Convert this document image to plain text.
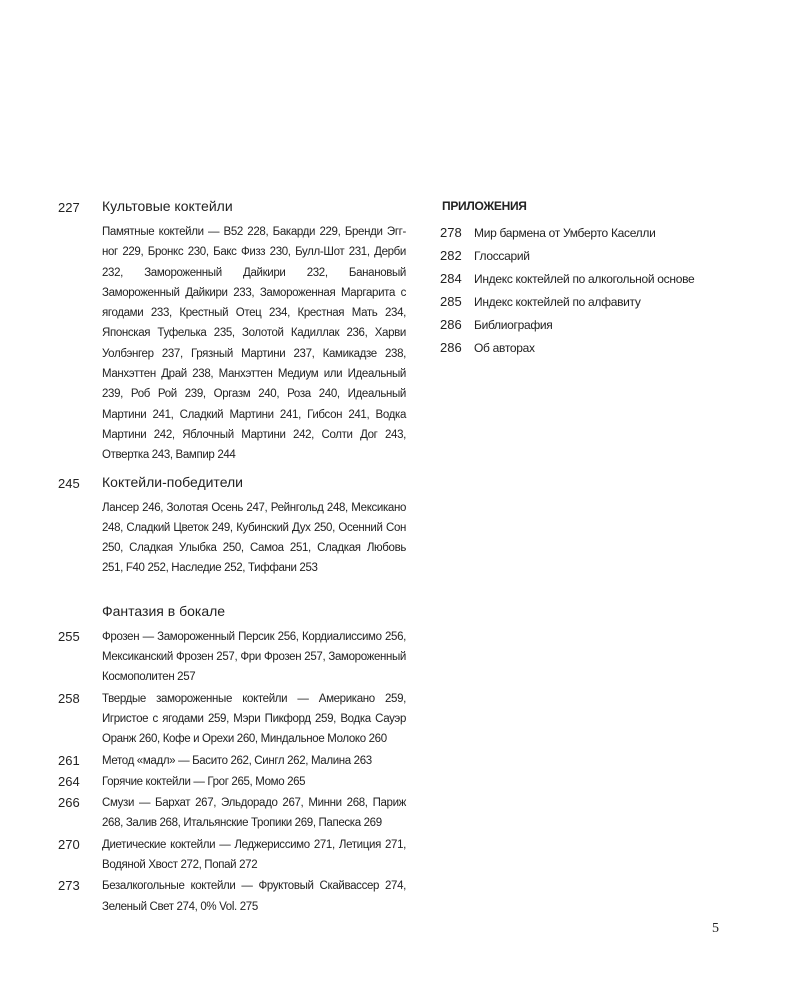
227	Культовые коктейли
Памятные коктейли — B52 228, Бакарди 229, Бренди Эгг-ног 229, Бронкс 230, Бакс Физз 230, Булл-Шот 231, Дерби 232, Замороженный Дайкири 232, Банановый Замороженный Дайкири 233, Замороженная Маргарита с ягодами 233, Крестный Отец 234, Крестная Мать 234, Японская Туфелька 235, Золотой Кадиллак 236, Харви Уолбэнгер 237, Грязный Мартини 237, Камикадзе 238, Манхэттен Драй 238, Манхэттен Медиум или Идеальный 239, Роб Рой 239, Оргазм 240, Роза 240, Идеальный Мартини 241, Сладкий Мартини 241, Гибсон 241, Водка Мартини 242, Яблочный Мартини 242, Солти Дог 243, Отвертка 243, Вампир 244
245	Коктейли-победители
Лансер 246, Золотая Осень 247, Рейнгольд 248, Мексикано 248, Сладкий Цветок 249, Кубинский Дух 250, Осенний Сон 250, Сладкая Улыбка 250, Самоа 251, Сладкая Любовь 251, F40 252, Наследие 252, Тиффани 253
Фантазия в бокале
255	Фрозен — Замороженный Персик 256, Кордиалиссимо 256, Мексиканский Фрозен 257, Фри Фрозен 257, Замороженный Космополитен 257
258	Твердые замороженные коктейли — Американо 259, Игристое с ягодами 259, Мэри Пикфорд 259, Водка Сауэр Оранж 260, Кофе и Орехи 260, Миндальное Молоко 260
261	Метод «мадл» — Басито 262, Сингл 262, Малина 263
264	Горячие коктейли — Грог 265, Момо 265
266	Смузи — Бархат 267, Эльдорадо 267, Минни 268, Париж 268, Залив 268, Итальянские Тропики 269, Папеска 269
270	Диетические коктейли — Леджериссимо 271, Летиция 271, Водяной Хвост 272, Попай 272
273	Безалкогольные коктейли — Фруктовый Скайвассер 274, Зеленый Свет 274, 0% Vol. 275
ПРИЛОЖЕНИЯ
278	Мир бармена от Умберто Каселли
282	Глоссарий
284	Индекс коктейлей по алкогольной основе
285	Индекс коктейлей по алфавиту
286	Библиография
286	Об авторах
5
